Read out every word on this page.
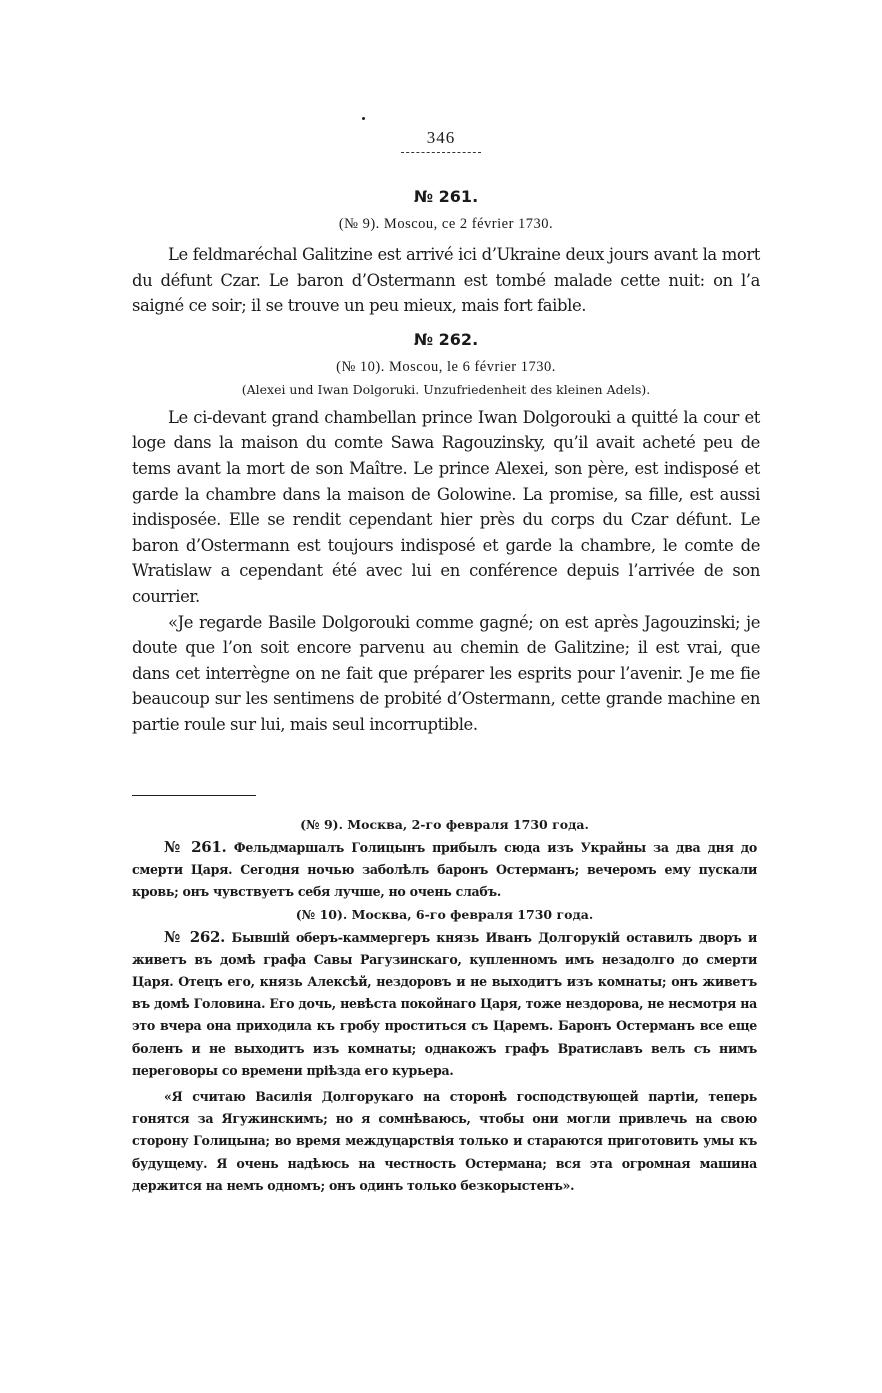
346

№ 261.

(№ 9). Moscou, ce 2 février 1730.

Le feldmaréchal Galitzine est arrivé ici d’Ukraine deux jours avant la mort du défunt Czar. Le baron d’Ostermann est tombé malade cette nuit: on l’a saigné ce soir; il se trouve un peu mieux, mais fort faible.

№ 262.

(№ 10). Moscou, le 6 février 1730.

(Alexei und Iwan Dolgoruki. Unzufriedenheit des kleinen Adels).

Le ci-devant grand chambellan prince Iwan Dolgorouki a quitté la cour et loge dans la maison du comte Sawa Ragouzinsky, qu’il avait acheté peu de tems avant la mort de son Maître. Le prince Alexei, son père, est indisposé et garde la chambre dans la maison de Golowine. La promise, sa fille, est aussi indisposée. Elle se rendit cependant hier près du corps du Czar défunt. Le baron d’Ostermann est toujours indisposé et garde la chambre, le comte de Wratislaw a cependant été avec lui en conférence depuis l’arrivée de son courrier.

«Je regarde Basile Dolgorouki comme gagné; on est après Jagouzinski; je doute que l’on soit encore parvenu au chemin de Galitzine; il est vrai, que dans cet interrègne on ne fait que préparer les esprits pour l’avenir. Je me fie beaucoup sur les sentimens de probité d’Ostermann, cette grande machine en partie roule sur lui, mais seul incorruptible.

(№ 9). Москва, 2-го февраля 1730 года.

№ 261. Фельдмаршалъ Голицынъ прибылъ сюда изъ Украйны за два дня до смерти Царя. Сегодня ночью заболѣлъ баронъ Остерманъ; вечеромъ ему пускали кровь; онъ чувствуетъ себя лучше, но очень слабъ.

(№ 10). Москва, 6-го февраля 1730 года.

№ 262. Бывшій оберъ-каммергеръ князь Иванъ Долгорукій оставилъ дворъ и живетъ въ домѣ графа Савы Рагузинскаго, купленномъ имъ незадолго до смерти Царя. Отецъ его, князь Алексѣй, нездоровъ и не выходитъ изъ комнаты; онъ живетъ въ домѣ Головина. Его дочь, невѣста покойнаго Царя, тоже нездорова, не несмотря на это вчера она приходила къ гробу проститься съ Царемъ. Баронъ Остерманъ все еще боленъ и не выходитъ изъ комнаты; однакожъ графъ Вратиславъ велъ съ нимъ переговоры со времени пріѣзда его курьера.

«Я считаю Василія Долгорукаго на сторонѣ господствующей партіи, теперь гонятся за Ягужинскимъ; но я сомнѣваюсь, чтобы они могли привлечь на свою сторону Голицына; во время междуцарствія только и стараются приготовить умы къ будущему. Я очень надѣюсь на честность Остермана; вся эта огромная машина держится на немъ одномъ; онъ одинъ только безкорыстенъ».
